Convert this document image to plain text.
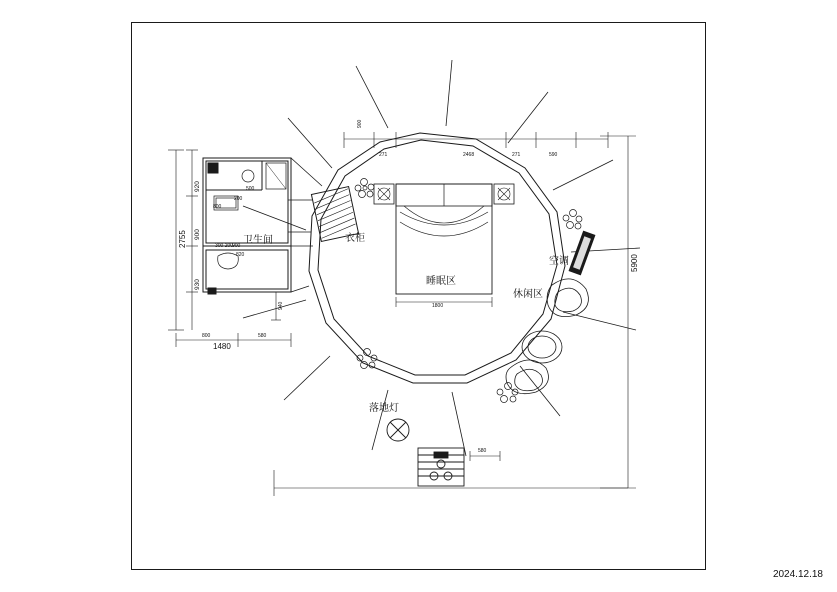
卫生间	衣柜
睡眠区
空调
休闲区
落地灯
5900
2755
1480
920
900
930
500
200
800
820
900
800	580
900
271	2468	271	590
1800
580
940
300 200
2024.12.18
